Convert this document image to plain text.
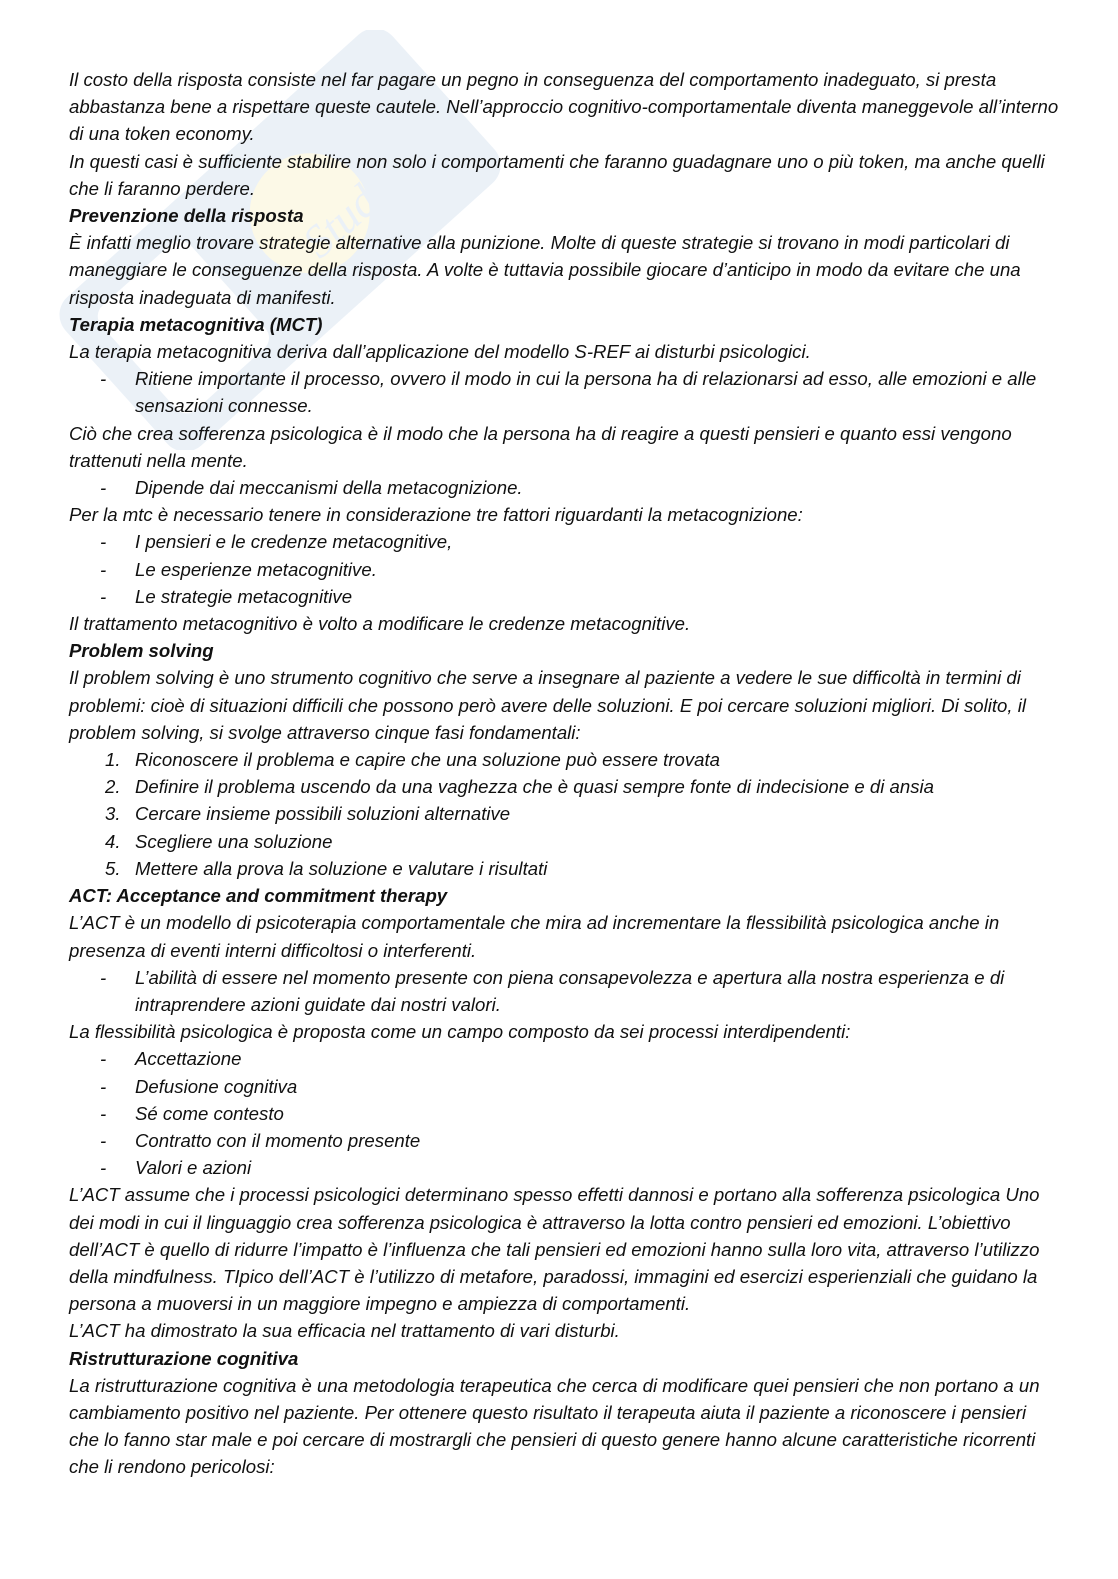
Studenti

Il costo della risposta consiste nel far pagare un pegno in conseguenza del comportamento inadeguato, si presta abbastanza bene a rispettare queste cautele. Nell’approccio cognitivo-comportamentale diventa maneggevole all’interno di una token economy.

In questi casi è sufficiente stabilire non solo i comportamenti che faranno guadagnare uno o più token, ma anche quelli che li faranno perdere.

Prevenzione della risposta

È infatti meglio trovare strategie alternative alla punizione. Molte di queste strategie si trovano in modi particolari di maneggiare le conseguenze della risposta. A volte è tuttavia possibile giocare d’anticipo in modo da evitare che una risposta inadeguata di manifesti.

Terapia metacognitiva (MCT)

La terapia metacognitiva deriva dall’applicazione del modello S-REF ai disturbi psicologici.

- Ritiene importante il processo, ovvero il modo in cui la persona ha di relazionarsi ad esso, alle emozioni e alle sensazioni connesse.

Ciò che crea sofferenza psicologica è il modo che la persona ha di reagire a questi pensieri e quanto essi vengono trattenuti nella mente.

- Dipende dai meccanismi della metacognizione.

Per la mtc è necessario tenere in considerazione tre fattori riguardanti la metacognizione:

- I pensieri e le credenze metacognitive,
- Le esperienze metacognitive.
- Le strategie metacognitive

Il trattamento metacognitivo è volto a modificare le credenze metacognitive.

Problem solving

Il problem solving è uno strumento cognitivo che serve a insegnare al paziente a vedere le sue difficoltà in termini di problemi: cioè di situazioni difficili che possono però avere delle soluzioni. E poi cercare soluzioni migliori. Di solito, il problem solving, si svolge attraverso cinque fasi fondamentali:

1. Riconoscere il problema e capire che una soluzione può essere trovata
2. Definire il problema uscendo da una vaghezza che è quasi sempre fonte di indecisione e di ansia
3. Cercare insieme possibili soluzioni alternative
4. Scegliere una soluzione
5. Mettere alla prova la soluzione e valutare i risultati
ACT: Acceptance and commitment therapy

L’ACT è un modello di psicoterapia comportamentale che mira ad incrementare la flessibilità psicologica anche in presenza di eventi interni difficoltosi o interferenti.

- L’abilità di essere nel momento presente con piena consapevolezza e apertura alla nostra esperienza e di intraprendere azioni guidate dai nostri valori.

La flessibilità psicologica è proposta come un campo composto da sei processi interdipendenti:

- Accettazione
- Defusione cognitiva
- Sé come contesto
- Contratto con il momento presente
- Valori e azioni

L’ACT assume che i processi psicologici determinano spesso effetti dannosi e portano alla sofferenza psicologica Uno dei modi in cui il linguaggio crea sofferenza psicologica è attraverso la lotta contro pensieri ed emozioni. L’obiettivo dell’ACT è quello di ridurre l’impatto è l’influenza che tali pensieri ed emozioni hanno sulla loro vita, attraverso l’utilizzo della mindfulness. TIpico dell’ACT è l’utilizzo di metafore, paradossi, immagini ed esercizi esperienziali che guidano la persona a muoversi in un maggiore impegno e ampiezza di comportamenti.

L’ACT ha dimostrato la sua efficacia nel trattamento di vari disturbi.

Ristrutturazione cognitiva

La ristrutturazione cognitiva è una metodologia terapeutica che cerca di modificare quei pensieri che non portano a un cambiamento positivo nel paziente. Per ottenere questo risultato il terapeuta aiuta il paziente a riconoscere i pensieri che lo fanno star male e poi cercare di mostrargli che pensieri di questo genere hanno alcune caratteristiche ricorrenti che li rendono pericolosi:
